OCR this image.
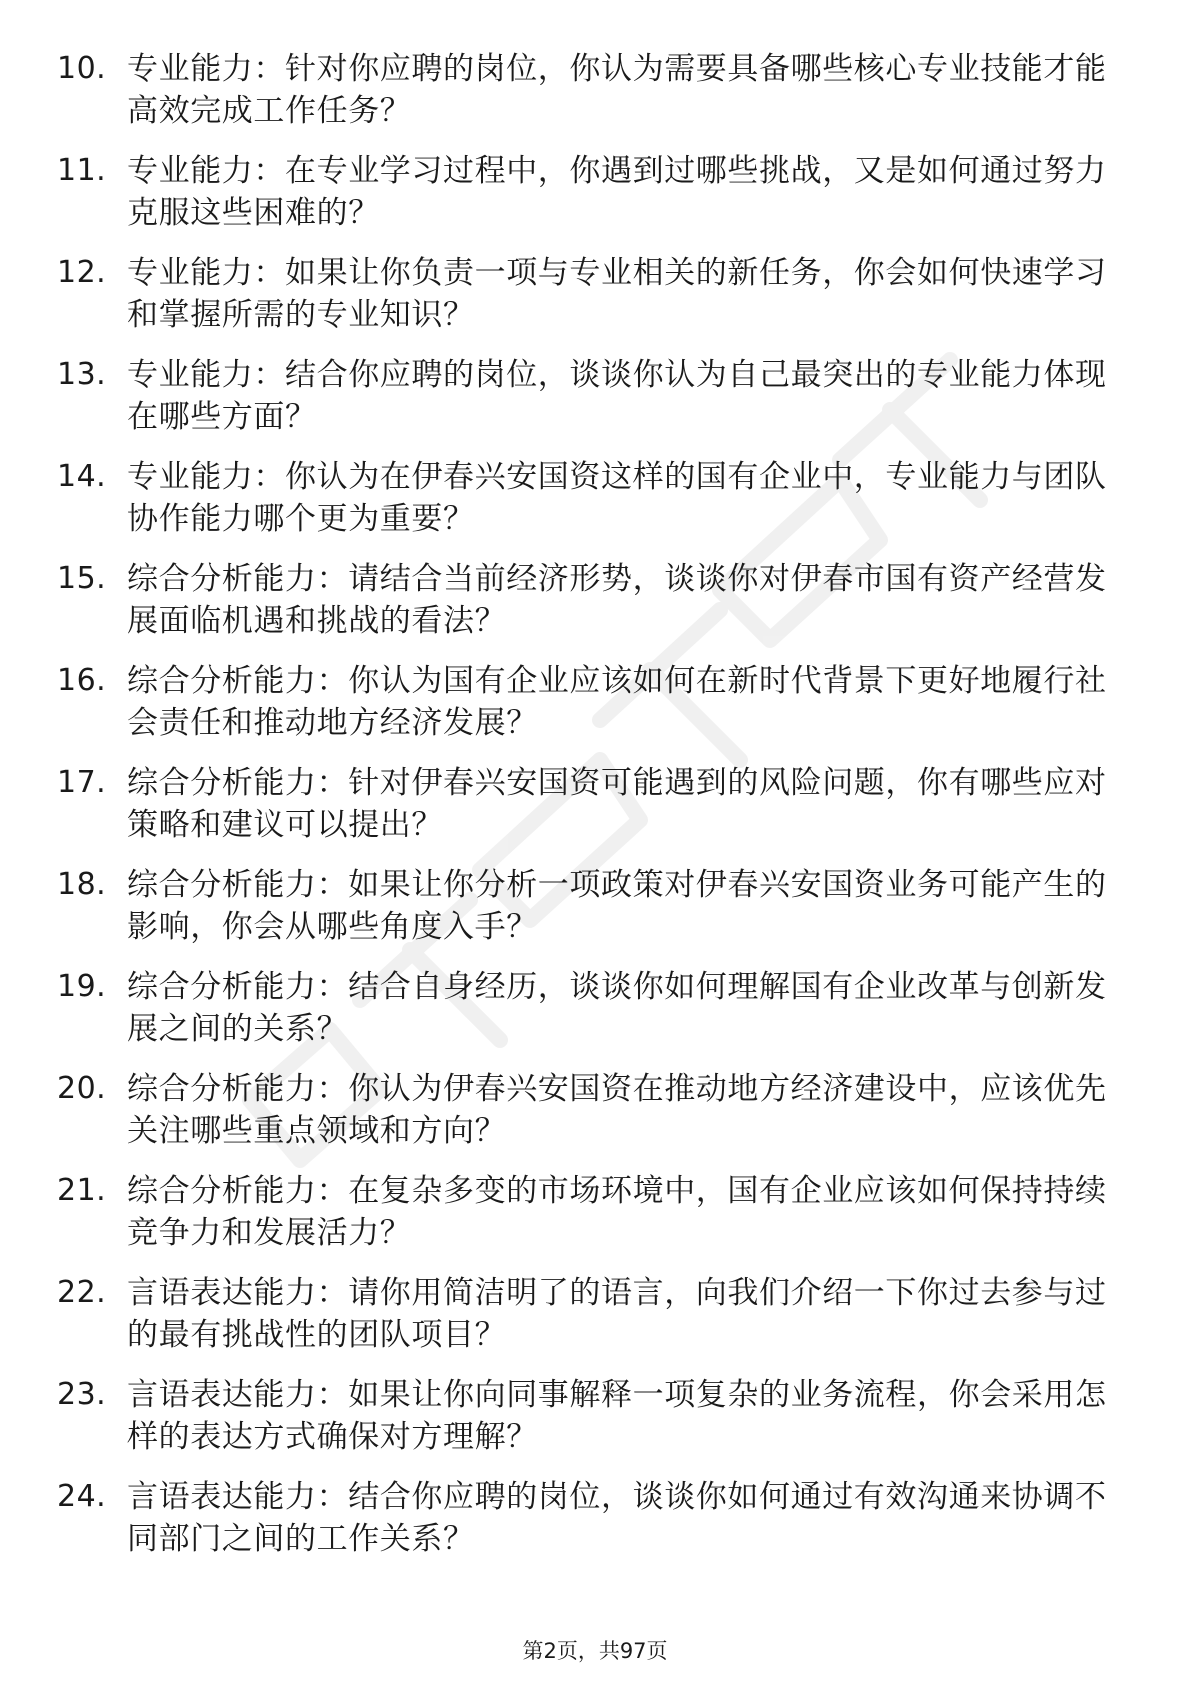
10. 专业能力：针对你应聘的岗位，你认为需要具备哪些核心专业技能才能高效完成工作任务？
11. 专业能力：在专业学习过程中，你遇到过哪些挑战，又是如何通过努力克服这些困难的？
12. 专业能力：如果让你负责一项与专业相关的新任务，你会如何快速学习和掌握所需的专业知识？
13. 专业能力：结合你应聘的岗位，谈谈你认为自己最突出的专业能力体现在哪些方面？
14. 专业能力：你认为在伊春兴安国资这样的国有企业中，专业能力与团队协作能力哪个更为重要？
15. 综合分析能力：请结合当前经济形势，谈谈你对伊春市国有资产经营发展面临机遇和挑战的看法？
16. 综合分析能力：你认为国有企业应该如何在新时代背景下更好地履行社会责任和推动地方经济发展？
17. 综合分析能力：针对伊春兴安国资可能遇到的风险问题，你有哪些应对策略和建议可以提出？
18. 综合分析能力：如果让你分析一项政策对伊春兴安国资业务可能产生的影响，你会从哪些角度入手？
19. 综合分析能力：结合自身经历，谈谈你如何理解国有企业改革与创新发展之间的关系？
20. 综合分析能力：你认为伊春兴安国资在推动地方经济建设中，应该优先关注哪些重点领域和方向？
21. 综合分析能力：在复杂多变的市场环境中，国有企业应该如何保持持续竞争力和发展活力？
22. 言语表达能力：请你用简洁明了的语言，向我们介绍一下你过去参与过的最有挑战性的团队项目？
23. 言语表达能力：如果让你向同事解释一项复杂的业务流程，你会采用怎样的表达方式确保对方理解？
24. 言语表达能力：结合你应聘的岗位，谈谈你如何通过有效沟通来协调不同部门之间的工作关系？
第2页，共97页
